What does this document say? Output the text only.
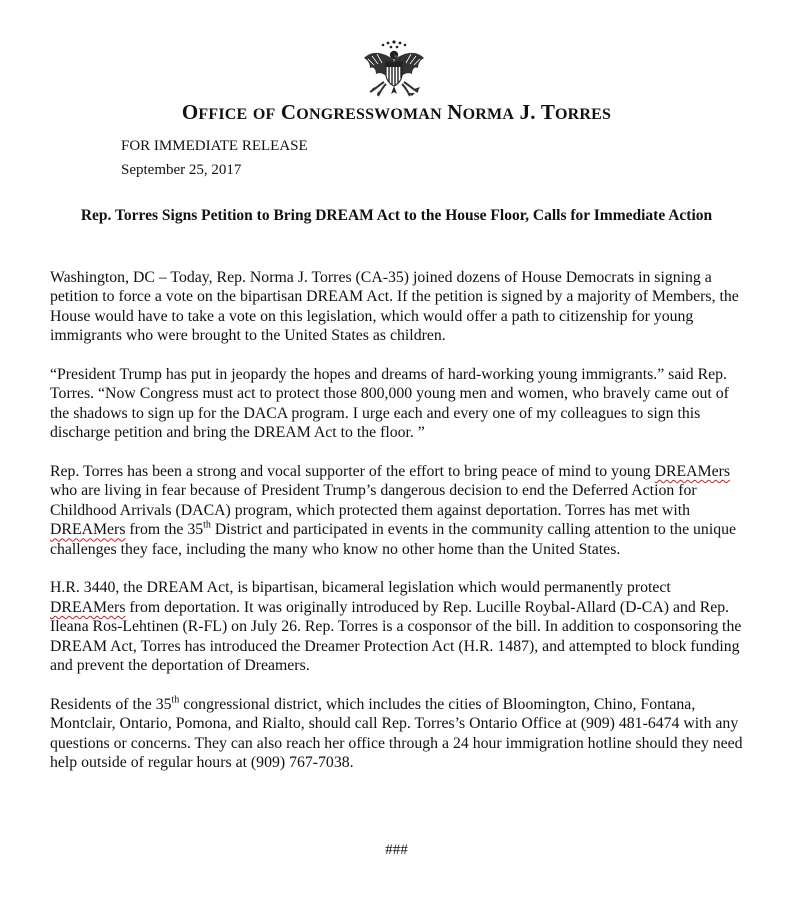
OFFICE OF CONGRESSWOMAN NORMA J. TORRES
FOR IMMEDIATE RELEASE
September 25, 2017
Rep. Torres Signs Petition to Bring DREAM Act to the House Floor, Calls for Immediate Action

Washington, DC – Today, Rep. Norma J. Torres (CA-35) joined dozens of House Democrats in signing a petition to force a vote on the bipartisan DREAM Act. If the petition is signed by a majority of Members, the House would have to take a vote on this legislation, which would offer a path to citizenship for young immigrants who were brought to the United States as children.

“President Trump has put in jeopardy the hopes and dreams of hard-working young immigrants.” said Rep. Torres. “Now Congress must act to protect those 800,000 young men and women, who bravely came out of the shadows to sign up for the DACA program. I urge each and every one of my colleagues to sign this discharge petition and bring the DREAM Act to the floor. ”

Rep. Torres has been a strong and vocal supporter of the effort to bring peace of mind to young DREAMers who are living in fear because of President Trump’s dangerous decision to end the Deferred Action for Childhood Arrivals (DACA) program, which protected them against deportation. Torres has met with DREAMers from the 35th District and participated in events in the community calling attention to the unique challenges they face, including the many who know no other home than the United States.

H.R. 3440, the DREAM Act, is bipartisan, bicameral legislation which would permanently protect DREAMers from deportation. It was originally introduced by Rep. Lucille Roybal-Allard (D-CA) and Rep. Ileana Ros-Lehtinen (R-FL) on July 26. Rep. Torres is a cosponsor of the bill. In addition to cosponsoring the DREAM Act, Torres has introduced the Dreamer Protection Act (H.R. 1487), and attempted to block funding and prevent the deportation of Dreamers.

Residents of the 35th congressional district, which includes the cities of Bloomington, Chino, Fontana, Montclair, Ontario, Pomona, and Rialto, should call Rep. Torres’s Ontario Office at (909) 481-6474 with any questions or concerns. They can also reach her office through a 24 hour immigration hotline should they need help outside of regular hours at (909) 767-7038.

###
